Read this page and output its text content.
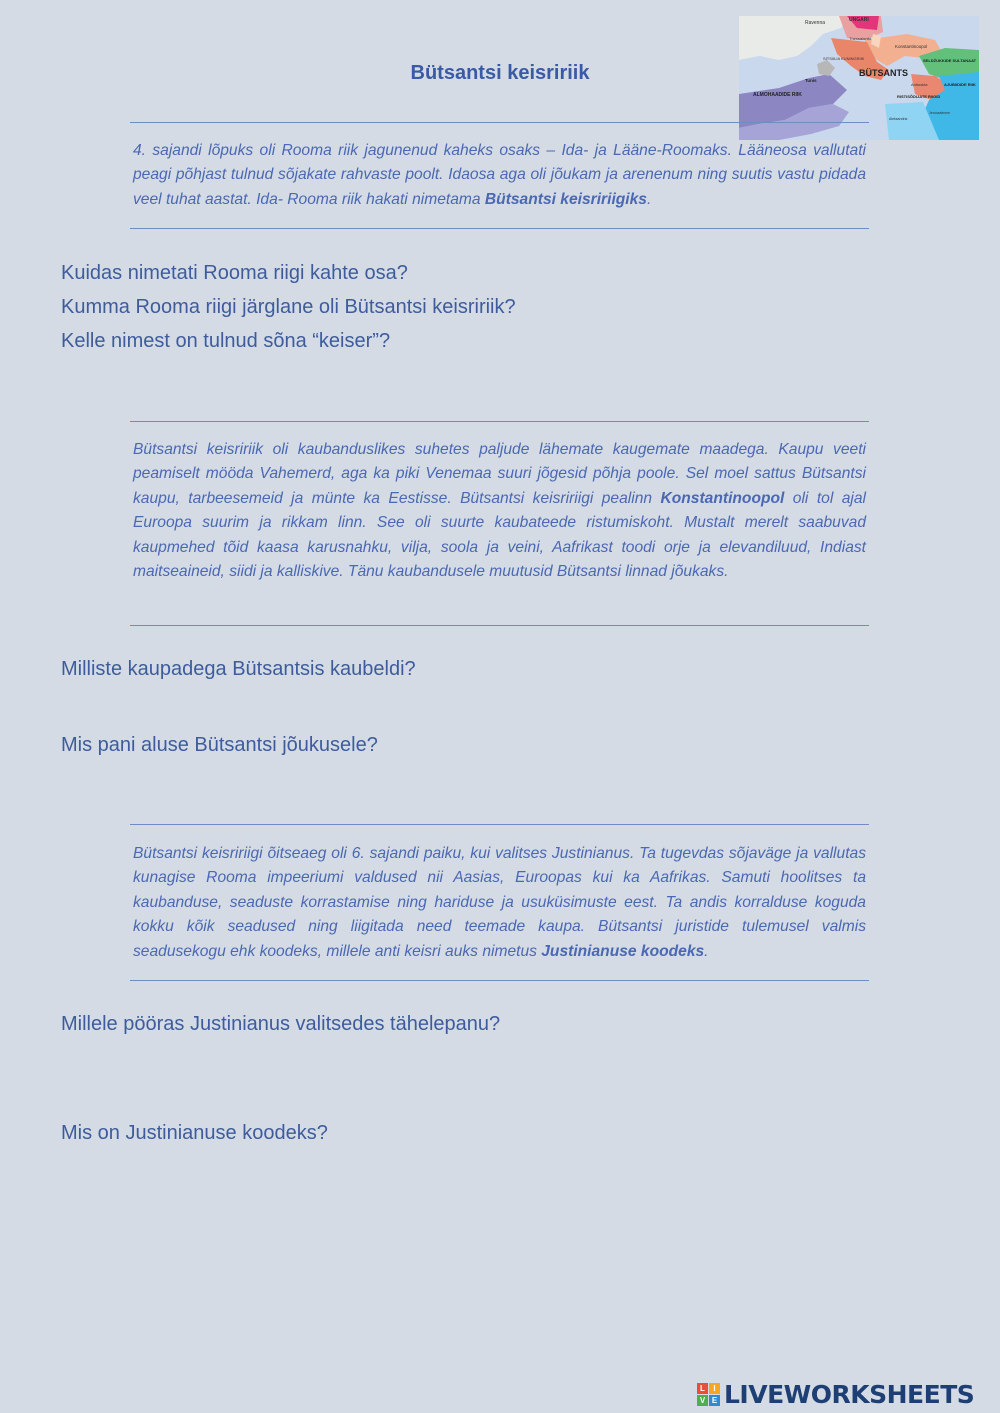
Bütsantsi keisririik
Ravenna	UNGARI
Thessaloniki
Konstantinoopol
SITSIILIA KUNINGRIIK	SELDŽUKKIDE SULTANAAT
BÜTSANTS
Tunis
AJUBIIDIDE RIIK
ALMOHAADIDE RIIK
Antiookia
RISTISÕDIJATE RIIGID
Jeruusalemm
Aleksandria
4. sajandi lõpuks oli Rooma riik jagunenud kaheks osaks – Ida- ja Lääne-Roomaks. Lääneosa vallutati peagi põhjast tulnud sõjakate rahvaste poolt. Idaosa aga oli jõukam ja arenenum ning suutis vastu pidada veel tuhat aastat. Ida- Rooma riik hakati nimetama Bütsantsi keisririigiks.
Kuidas nimetati Rooma riigi kahte osa?
Kumma Rooma riigi järglane oli Bütsantsi keisririik?
Kelle nimest on tulnud sõna “keiser”?
Bütsantsi keisririik oli kaubanduslikes suhetes paljude lähemate kaugemate maadega. Kaupu veeti peamiselt mööda Vahemerd, aga ka piki Venemaa suuri jõgesid põhja poole. Sel moel sattus Bütsantsi kaupu, tarbeesemeid ja münte ka Eestisse. Bütsantsi keisririigi pealinn Konstantinoopol oli tol ajal Euroopa suurim ja rikkam linn. See oli suurte kaubateede ristumiskoht. Mustalt merelt saabuvad kaupmehed tõid kaasa karusnahku, vilja, soola ja veini, Aafrikast toodi orje ja elevandiluud, Indiast maitseaineid, siidi ja kalliskive. Tänu kaubandusele muutusid Bütsantsi linnad jõukaks.
Milliste kaupadega Bütsantsis kaubeldi?
Mis pani aluse Bütsantsi jõukusele?
Bütsantsi keisririigi õitseaeg oli 6. sajandi paiku, kui valitses Justinianus. Ta tugevdas sõjaväge ja vallutas kunagise Rooma impeeriumi valdused nii Aasias, Euroopas kui ka Aafrikas. Samuti hoolitses ta kaubanduse, seaduste korrastamise ning hariduse ja usuküsimuste eest. Ta andis korralduse koguda kokku kõik seadused ning liigitada need teemade kaupa. Bütsantsi juristide tulemusel valmis seadusekogu ehk koodeks, millele anti keisri auks nimetus Justinianuse koodeks.
Millele pööras Justinianus valitsedes tähelepanu?
Mis on Justinianuse koodeks?
L	I
V E LIVEWORKSHEETS
